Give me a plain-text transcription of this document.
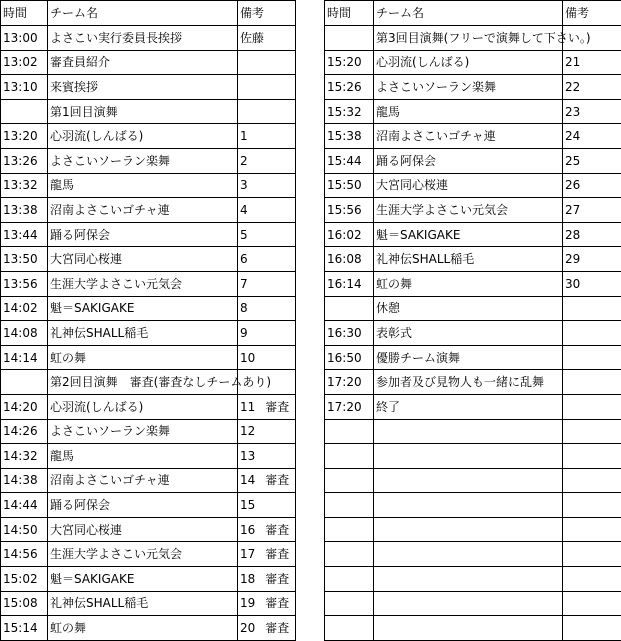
時間	チーム名	備考
13:00	よさこい実行委員長挨拶	佐藤
13:02	審査員紹介	
13:10	来賓挨拶	
	第1回目演舞	
13:20	心羽流(しんばる)	1
13:26	よさこいソーラン楽舞	2
13:32	龍馬	3
13:38	沼南よさこいゴチャ連	4
13:44	踊る阿保会	5
13:50	大宮同心桜連	6
13:56	生涯大学よさこい元気会	7
14:02	魁＝SAKIGAKE	8
14:08	礼神伝SHALL稲毛	9
14:14	虹の舞	10
	第2回目演舞　審査(審査なしチームあり)	
14:20	心羽流(しんばる)	11 審査
14:26	よさこいソーラン楽舞	12
14:32	龍馬	13
14:38	沼南よさこいゴチャ連	14 審査
14:44	踊る阿保会	15
14:50	大宮同心桜連	16 審査
14:56	生涯大学よさこい元気会	17 審査
15:02	魁＝SAKIGAKE	18 審査
15:08	礼神伝SHALL稲毛	19 審査
15:14	虹の舞	20 審査
時間	チーム名	備考
	第3回目演舞(フリーで演舞して下さい。)	
15:20	心羽流(しんばる)	21
15:26	よさこいソーラン楽舞	22
15:32	龍馬	23
15:38	沼南よさこいゴチャ連	24
15:44	踊る阿保会	25
15:50	大宮同心桜連	26
15:56	生涯大学よさこい元気会	27
16:02	魁＝SAKIGAKE	28
16:08	礼神伝SHALL稲毛	29
16:14	虹の舞	30
	休憩	
16:30	表彰式	
16:50	優勝チーム演舞	
17:20	参加者及び見物人も一緒に乱舞	
17:20	終了	
